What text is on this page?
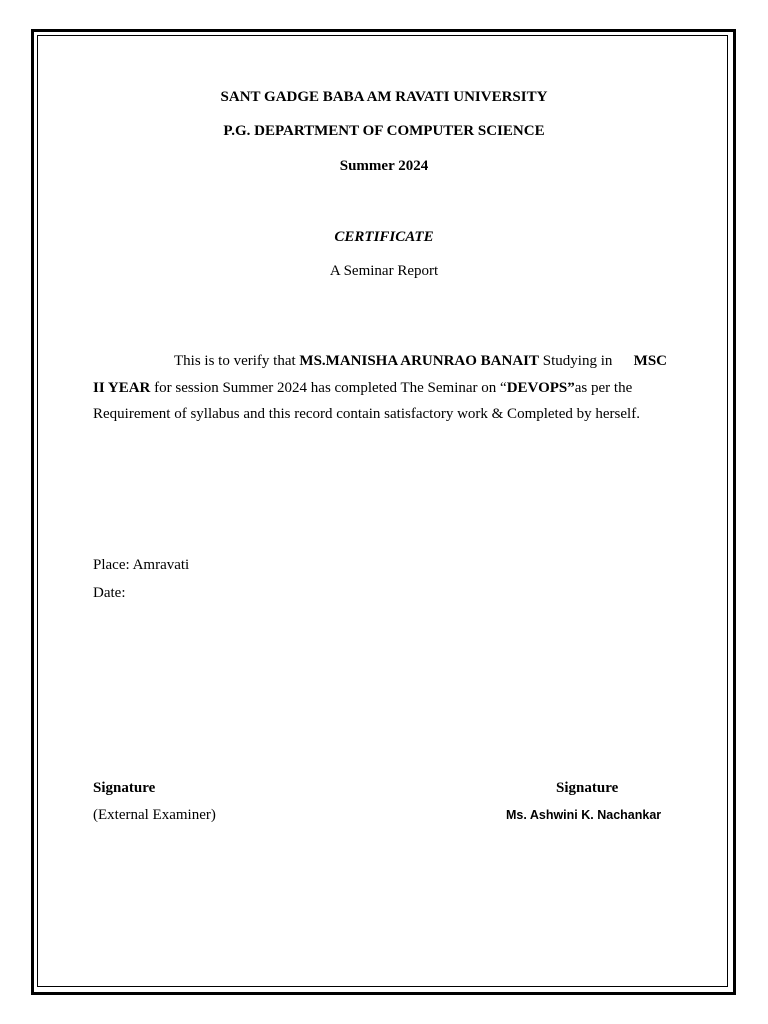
SANT GADGE BABA AM RAVATI UNIVERSITY

P.G. DEPARTMENT OF COMPUTER SCIENCE

Summer 2024

CERTIFICATE

A Seminar Report

This is to verify that MS.MANISHA ARUNRAO BANAIT Studying in MSC
II YEAR for session Summer 2024 has completed The Seminar on “DEVOPS”as per the
Requirement of syllabus and this record contain satisfactory work & Completed by herself.

Place: Amravati

Date:

Signature
(External Examiner)
Signature
Ms. Ashwini K. Nachankar
